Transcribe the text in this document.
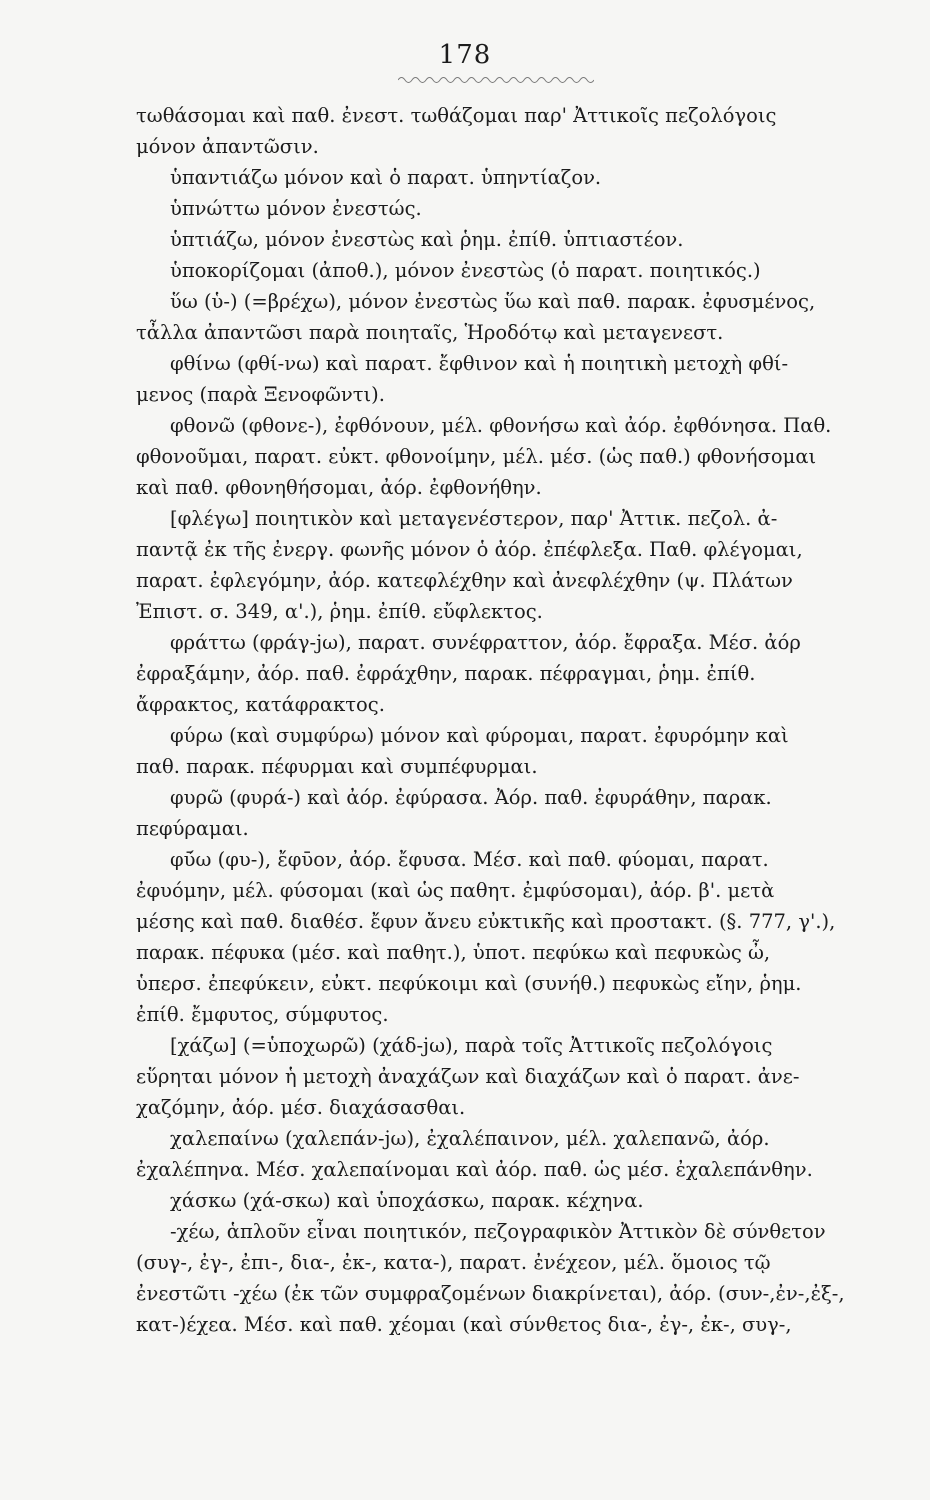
178
τωθάσομαι καὶ παθ. ἐνεστ. τωθάζομαι παρ' Ἀττικοῖς πεζολόγοις
μόνον ἀπαντῶσιν.
ὑπαντιάζω μόνον καὶ ὁ παρατ. ὑπηντίαζον.
ὑπνώττω μόνον ἐνεστώς.
ὑπτιάζω, μόνον ἐνεστὼς καὶ ῥημ. ἐπίθ. ὑπτιαστέον.
ὑποκορίζομαι (ἀποθ.), μόνον ἐνεστὼς (ὁ παρατ. ποιητικός.)
ὕω (ὑ-) (=βρέχω), μόνον ἐνεστὼς ὕω καὶ παθ. παρακ. ἐφυσμένος,
τἆλλα ἀπαντῶσι παρὰ ποιηταῖς, Ἡροδότῳ καὶ μεταγενεστ.
φθίνω (φθί-νω) καὶ παρατ. ἔφθινον καὶ ἡ ποιητικὴ μετοχὴ φθί-
μενος (παρὰ Ξενοφῶντι).
φθονῶ (φθονε-), ἐφθόνουν, μέλ. φθονήσω καὶ ἀόρ. ἐφθόνησα. Παθ.
φθονοῦμαι, παρατ. εὐκτ. φθονοίμην, μέλ. μέσ. (ὡς παθ.) φθονήσομαι
καὶ παθ. φθονηθήσομαι, ἀόρ. ἐφθονήθην.
[φλέγω] ποιητικὸν καὶ μεταγενέστερον, παρ' Ἀττικ. πεζολ. ἀ-
παντᾷ ἐκ τῆς ἐνεργ. φωνῆς μόνον ὁ ἀόρ. ἐπέφλεξα. Παθ. φλέγομαι,
παρατ. ἐφλεγόμην, ἀόρ. κατεφλέχθην καὶ ἀνεφλέχθην (ψ. Πλάτων
Ἐπιστ. σ. 349, α'.), ῥημ. ἐπίθ. εὔφλεκτος.
φράττω (φράγ-jω), παρατ. συνέφραττον, ἀόρ. ἔφραξα. Μέσ. ἀόρ
ἐφραξάμην, ἀόρ. παθ. ἐφράχθην, παρακ. πέφραγμαι, ῥημ. ἐπίθ.
ἄφρακτος, κατάφρακτος.
φύρω (καὶ συμφύρω) μόνον καὶ φύρομαι, παρατ. ἐφυρόμην καὶ
παθ. παρακ. πέφυρμαι καὶ συμπέφυρμαι.
φυρῶ (φυρά-) καὶ ἀόρ. ἐφύρασα. Ἀόρ. παθ. ἐφυράθην, παρακ.
πεφύραμαι.
φῡ́ω (φυ-), ἔφῡον, ἀόρ. ἔφυσα. Μέσ. καὶ παθ. φύομαι, παρατ.
ἐφυόμην, μέλ. φύσομαι (καὶ ὡς παθητ. ἐμφύσομαι), ἀόρ. β'. μετὰ
μέσης καὶ παθ. διαθέσ. ἔφυν ἄνευ εὐκτικῆς καὶ προστακτ. (§. 777, γ'.),
παρακ. πέφυκα (μέσ. καὶ παθητ.), ὑποτ. πεφύκω καὶ πεφυκὼς ὦ,
ὑπερσ. ἐπεφύκειν, εὐκτ. πεφύκοιμι καὶ (συνήθ.) πεφυκὼς εἴην, ῥημ.
ἐπίθ. ἔμφυτος, σύμφυτος.
[χάζω] (=ὑποχωρῶ) (χάδ-jω), παρὰ τοῖς Ἀττικοῖς πεζολόγοις
εὕρηται μόνον ἡ μετοχὴ ἀναχάζων καὶ διαχάζων καὶ ὁ παρατ. ἀνε-
χαζόμην, ἀόρ. μέσ. διαχάσασθαι.
χαλεπαίνω (χαλεπάν-jω), ἐχαλέπαινον, μέλ. χαλεπανῶ, ἀόρ.
ἐχαλέπηνα. Μέσ. χαλεπαίνομαι καὶ ἀόρ. παθ. ὡς μέσ. ἐχαλεπάνθην.
χάσκω (χά-σκω) καὶ ὑποχάσκω, παρακ. κέχηνα.
-χέω, ἁπλοῦν εἶναι ποιητικόν, πεζογραφικὸν Ἀττικὸν δὲ σύνθετον
(συγ-, ἐγ-, ἐπι-, δια-, ἐκ-, κατα-), παρατ. ἐνέχεον, μέλ. ὅμοιος τῷ
ἐνεστῶτι -χέω (ἐκ τῶν συμφραζομένων διακρίνεται), ἀόρ. (συν-,ἐν-,ἐξ-,
κατ-)έχεα. Μέσ. καὶ παθ. χέομαι (καὶ σύνθετος δια-, ἐγ-, ἐκ-, συγ-,
